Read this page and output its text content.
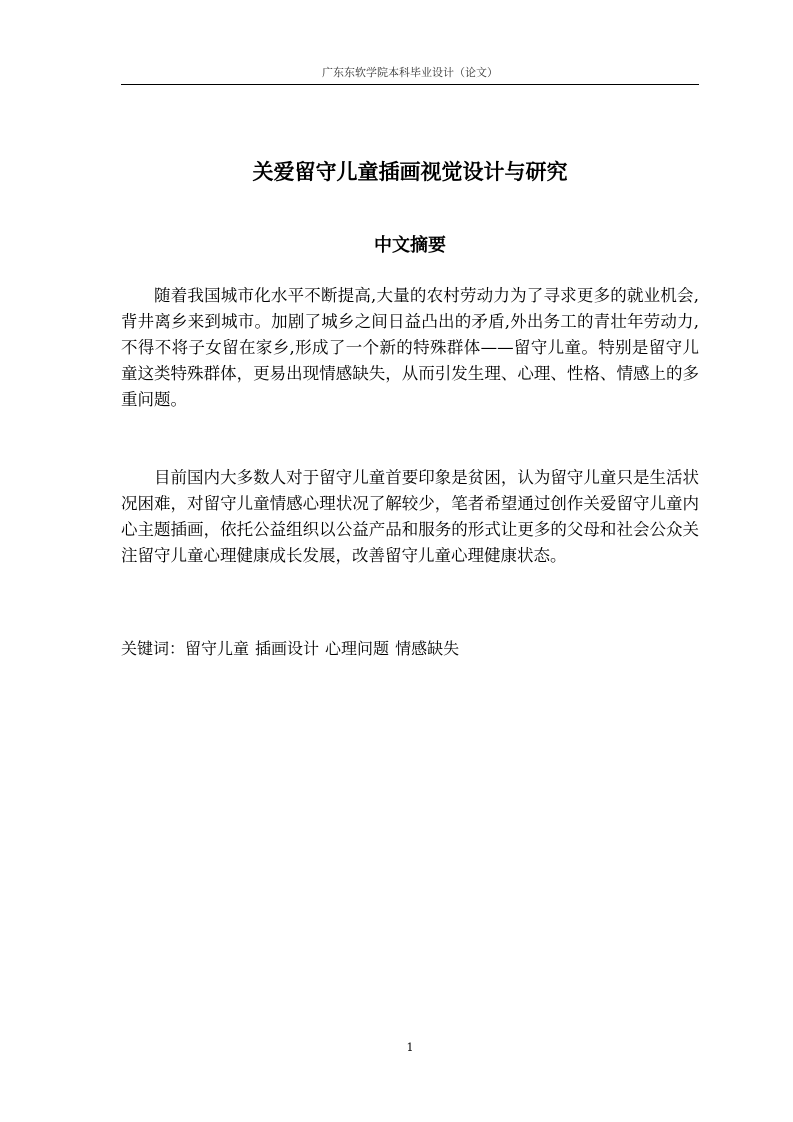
广东东软学院本科毕业设计（论文）
关爱留守儿童插画视觉设计与研究
中文摘要

随着我国城市化水平不断提高,大量的农村劳动力为了寻求更多的就业机会,背井离乡来到城市。加剧了城乡之间日益凸出的矛盾,外出务工的青壮年劳动力,不得不将子女留在家乡,形成了一个新的特殊群体——留守儿童。特别是留守儿童这类特殊群体，更易出现情感缺失，从而引发生理、心理、性格、情感上的多重问题。

目前国内大多数人对于留守儿童首要印象是贫困，认为留守儿童只是生活状况困难，对留守儿童情感心理状况了解较少，笔者希望通过创作关爱留守儿童内心主题插画，依托公益组织以公益产品和服务的形式让更多的父母和社会公众关注留守儿童心理健康成长发展，改善留守儿童心理健康状态。

关键词：留守儿童 插画设计 心理问题 情感缺失
1
